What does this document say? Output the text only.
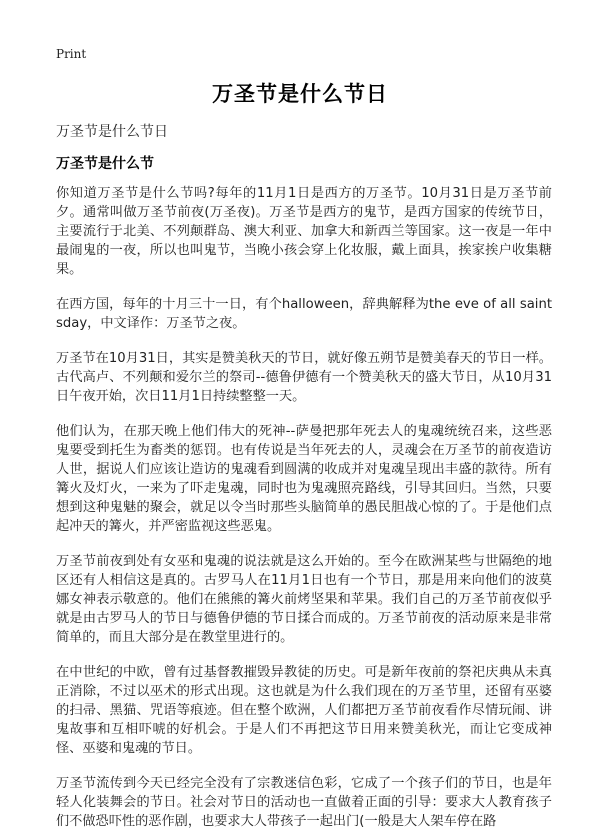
Print
万圣节是什么节日

万圣节是什么节日

万圣节是什么节

你知道万圣节是什么节吗?每年的11月1日是西方的万圣节。10月31日是万圣节前夕。通常叫做万圣节前夜(万圣夜)。万圣节是西方的鬼节，是西方国家的传统节日，主要流行于北美、不列颠群岛、澳大利亚、加拿大和新西兰等国家。这一夜是一年中最闹鬼的一夜，所以也叫鬼节，当晚小孩会穿上化妆服，戴上面具，挨家挨户收集糖果。

在西方国，每年的十月三十一日，有个halloween，辞典解释为the eve of all saintsday，中文译作：万圣节之夜。

万圣节在10月31日，其实是赞美秋天的节日，就好像五朔节是赞美春天的节日一样。古代高卢、不列颠和爱尔兰的祭司--德鲁伊德有一个赞美秋天的盛大节日，从10月31日午夜开始，次日11月1日持续整整一天。

他们认为，在那天晚上他们伟大的死神--萨曼把那年死去人的鬼魂统统召来，这些恶鬼要受到托生为畜类的惩罚。也有传说是当年死去的人，灵魂会在万圣节的前夜造访人世，据说人们应该让造访的鬼魂看到圆满的收成并对鬼魂呈现出丰盛的款待。所有篝火及灯火，一来为了吓走鬼魂，同时也为鬼魂照亮路线，引导其回归。当然，只要想到这种鬼魅的聚会，就足以令当时那些头脑简单的愚民胆战心惊的了。于是他们点起冲天的篝火，并严密监视这些恶鬼。

万圣节前夜到处有女巫和鬼魂的说法就是这么开始的。至今在欧洲某些与世隔绝的地区还有人相信这是真的。古罗马人在11月1日也有一个节日，那是用来向他们的波莫娜女神表示敬意的。他们在熊熊的篝火前烤坚果和苹果。我们自己的万圣节前夜似乎就是由古罗马人的节日与德鲁伊德的节日揉合而成的。万圣节前夜的活动原来是非常简单的，而且大部分是在教堂里进行的。

在中世纪的中欧，曾有过基督教摧毁异教徒的历史。可是新年夜前的祭祀庆典从未真正消除，不过以巫术的形式出现。这也就是为什么我们现在的万圣节里，还留有巫婆的扫帚、黑猫、咒语等痕迹。但在整个欧洲，人们都把万圣节前夜看作尽情玩闹、讲鬼故事和互相吓唬的好机会。于是人们不再把这节日用来赞美秋光，而让它变成神怪、巫婆和鬼魂的节日。

万圣节流传到今天已经完全没有了宗教迷信色彩，它成了一个孩子们的节日，也是年轻人化装舞会的节日。社会对节日的活动也一直做着正面的引导：要求大人教育孩子们不做恐吓性的恶作剧，也要求大人带孩子一起出门(一般是大人架车停在路
